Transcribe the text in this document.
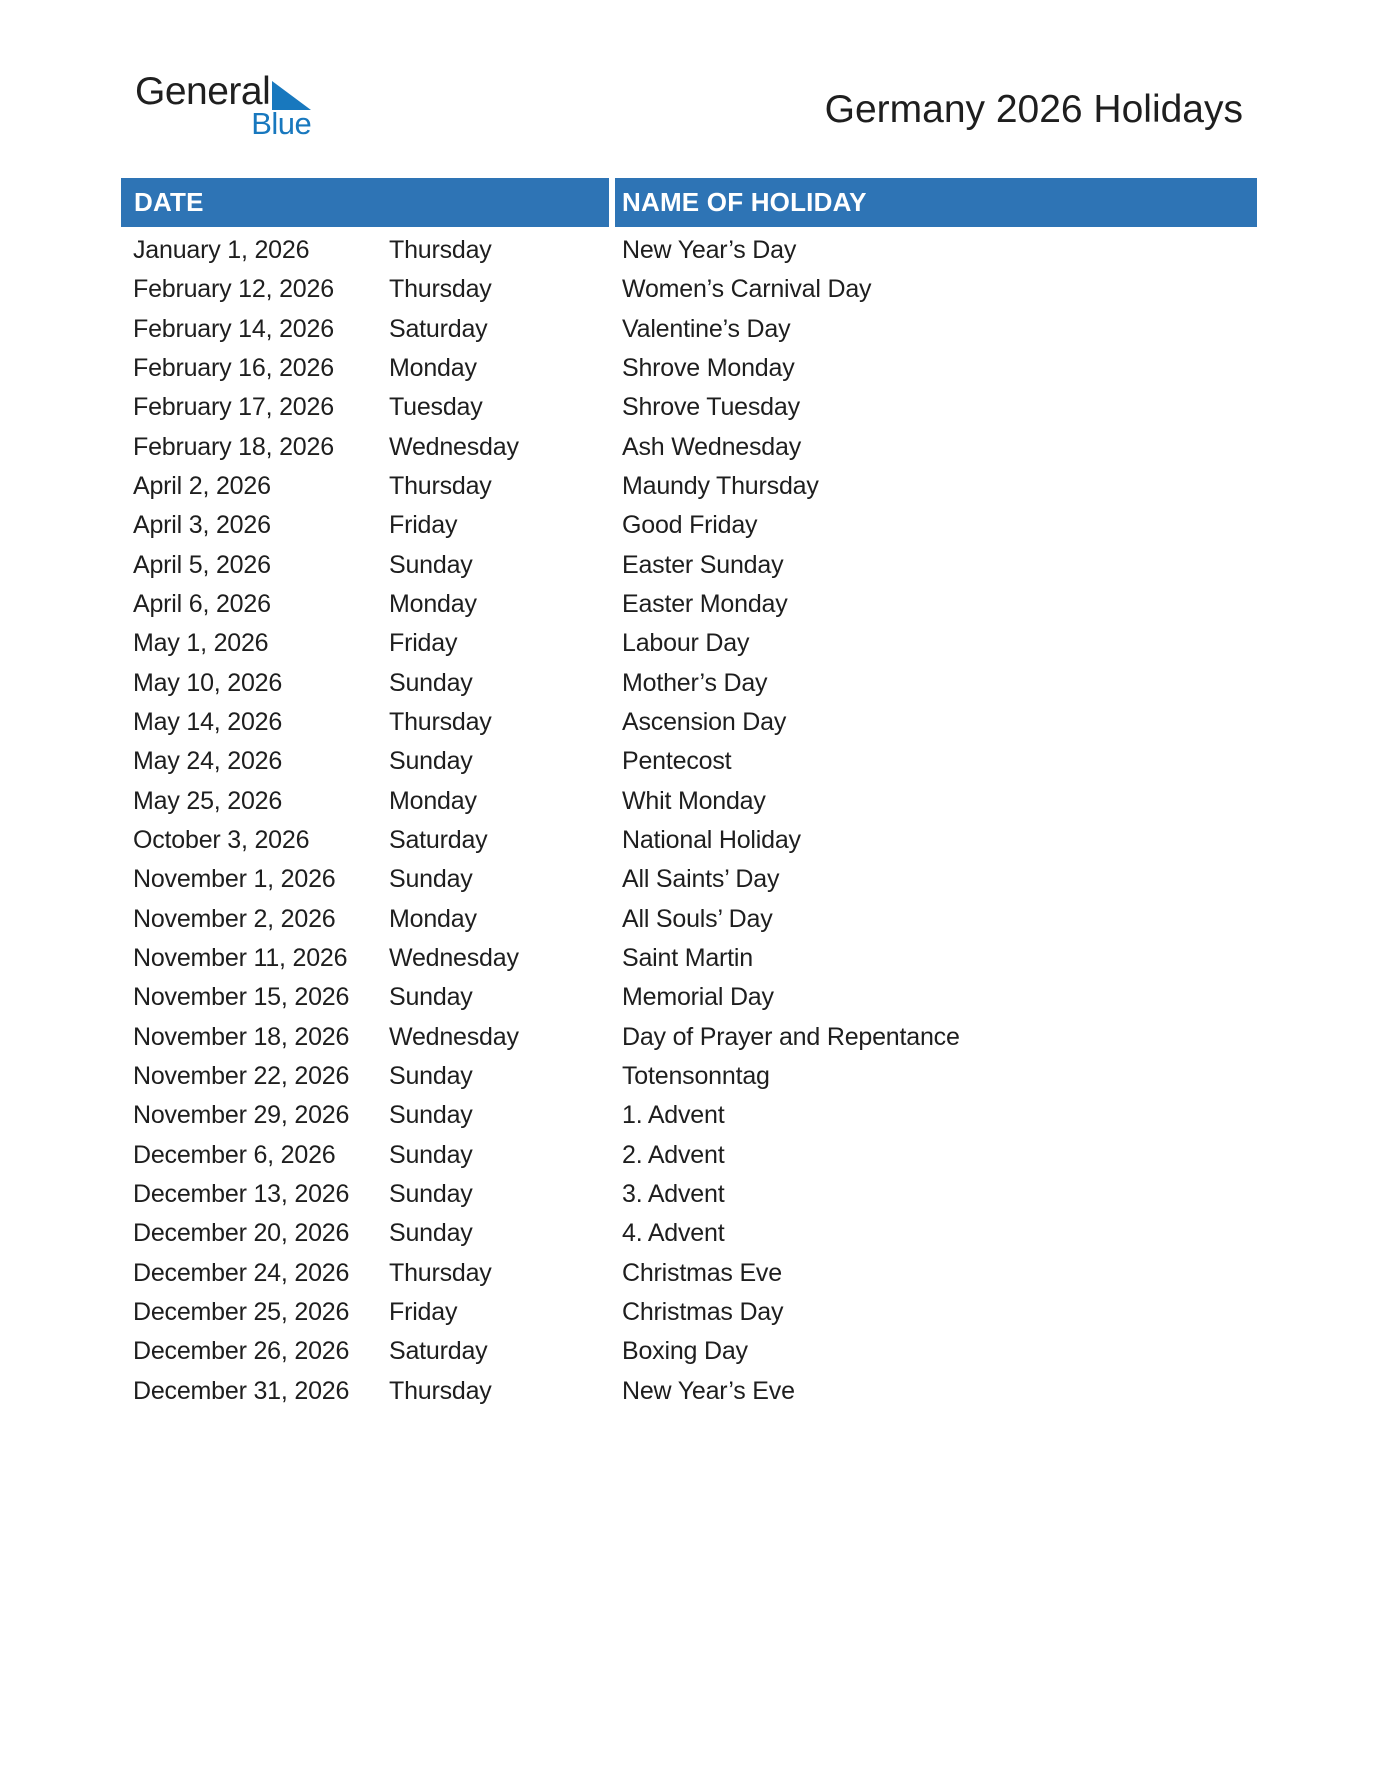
General
Blue	Germany 2026 Holidays
DATE	NAME OF HOLIDAY
January 1, 2026	Thursday	New Year’s Day
February 12, 2026	Thursday	Women’s Carnival Day
February 14, 2026	Saturday	Valentine’s Day
February 16, 2026	Monday	Shrove Monday
February 17, 2026	Tuesday	Shrove Tuesday
February 18, 2026	Wednesday	Ash Wednesday
April 2, 2026	Thursday	Maundy Thursday
April 3, 2026	Friday	Good Friday
April 5, 2026	Sunday	Easter Sunday
April 6, 2026	Monday	Easter Monday
May 1, 2026	Friday	Labour Day
May 10, 2026	Sunday	Mother’s Day
May 14, 2026	Thursday	Ascension Day
May 24, 2026	Sunday	Pentecost
May 25, 2026	Monday	Whit Monday
October 3, 2026	Saturday	National Holiday
November 1, 2026	Sunday	All Saints’ Day
November 2, 2026	Monday	All Souls’ Day
November 11, 2026	Wednesday	Saint Martin
November 15, 2026	Sunday	Memorial Day
November 18, 2026	Wednesday	Day of Prayer and Repentance
November 22, 2026	Sunday	Totensonntag
November 29, 2026	Sunday	1. Advent
December 6, 2026	Sunday	2. Advent
December 13, 2026	Sunday	3. Advent
December 20, 2026	Sunday	4. Advent
December 24, 2026	Thursday	Christmas Eve
December 25, 2026	Friday	Christmas Day
December 26, 2026	Saturday	Boxing Day
December 31, 2026	Thursday	New Year’s Eve
